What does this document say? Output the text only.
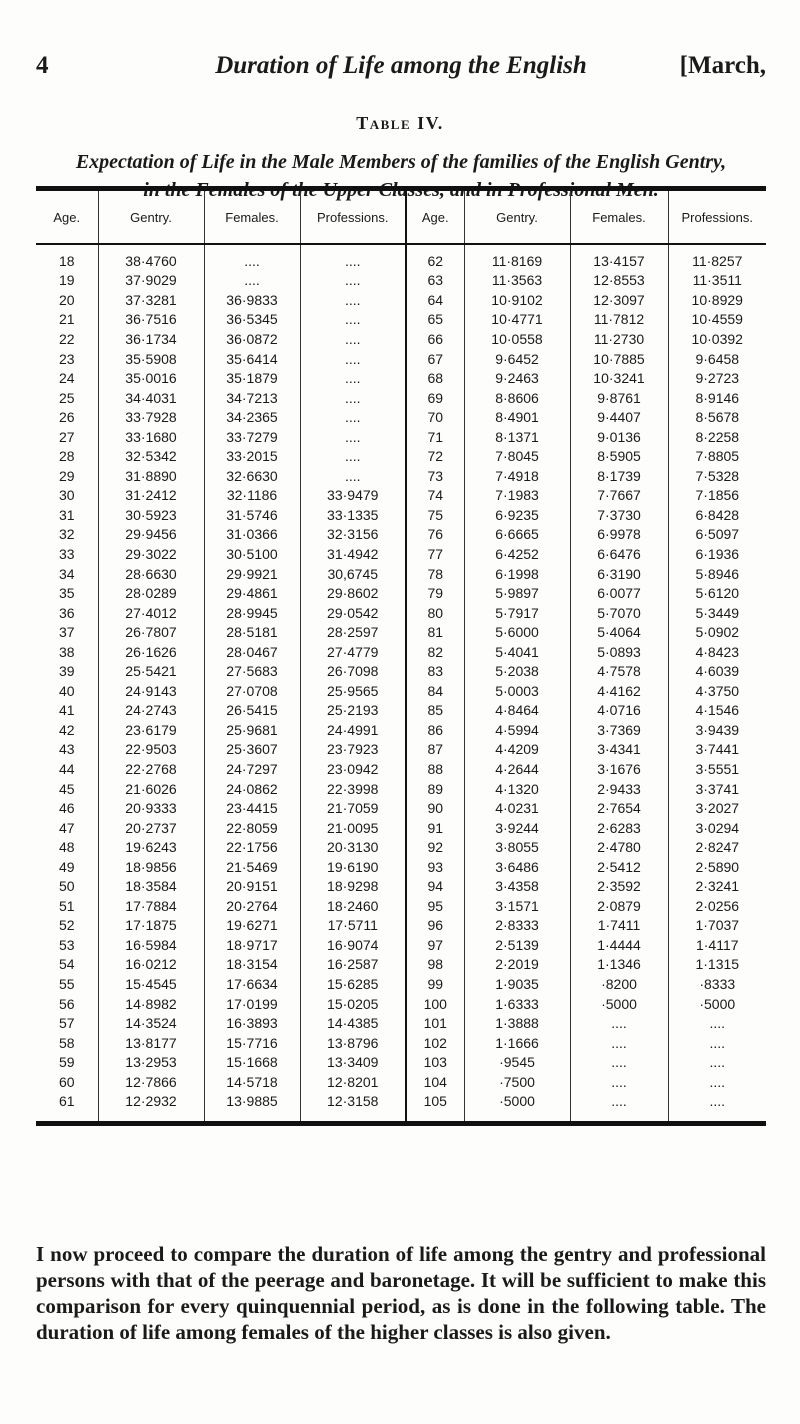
4	Duration of Life among the English	[March,
Table IV.
Expectation of Life in the Male Members of the families of the English Gentry,
in the Females of the Upper Classes, and in Professional Men.
Age.	Gentry.	Females.	Professions.	Age.	Gentry.	Females.	Professions.
18	38·4760	....	....	62	11·8169	13·4157	11·8257
19	37·9029	....	....	63	11·3563	12·8553	11·3511
20	37·3281	36·9833	....	64	10·9102	12·3097	10·8929
21	36·7516	36·5345	....	65	10·4771	11·7812	10·4559
22	36·1734	36·0872	....	66	10·0558	11·2730	10·0392
23	35·5908	35·6414	....	67	9·6452	10·7885	9·6458
24	35·0016	35·1879	....	68	9·2463	10·3241	9·2723
25	34·4031	34·7213	....	69	8·8606	9·8761	8·9146
26	33·7928	34·2365	....	70	8·4901	9·4407	8·5678
27	33·1680	33·7279	....	71	8·1371	9·0136	8·2258
28	32·5342	33·2015	....	72	7·8045	8·5905	7·8805
29	31·8890	32·6630	....	73	7·4918	8·1739	7·5328
30	31·2412	32·1186	33·9479	74	7·1983	7·7667	7·1856
31	30·5923	31·5746	33·1335	75	6·9235	7·3730	6·8428
32	29·9456	31·0366	32·3156	76	6·6665	6·9978	6·5097
33	29·3022	30·5100	31·4942	77	6·4252	6·6476	6·1936
34	28·6630	29·9921	30,6745	78	6·1998	6·3190	5·8946
35	28·0289	29·4861	29·8602	79	5·9897	6·0077	5·6120
36	27·4012	28·9945	29·0542	80	5·7917	5·7070	5·3449
37	26·7807	28·5181	28·2597	81	5·6000	5·4064	5·0902
38	26·1626	28·0467	27·4779	82	5·4041	5·0893	4·8423
39	25·5421	27·5683	26·7098	83	5·2038	4·7578	4·6039
40	24·9143	27·0708	25·9565	84	5·0003	4·4162	4·3750
41	24·2743	26·5415	25·2193	85	4·8464	4·0716	4·1546
42	23·6179	25·9681	24·4991	86	4·5994	3·7369	3·9439
43	22·9503	25·3607	23·7923	87	4·4209	3·4341	3·7441
44	22·2768	24·7297	23·0942	88	4·2644	3·1676	3·5551
45	21·6026	24·0862	22·3998	89	4·1320	2·9433	3·3741
46	20·9333	23·4415	21·7059	90	4·0231	2·7654	3·2027
47	20·2737	22·8059	21·0095	91	3·9244	2·6283	3·0294
48	19·6243	22·1756	20·3130	92	3·8055	2·4780	2·8247
49	18·9856	21·5469	19·6190	93	3·6486	2·5412	2·5890
50	18·3584	20·9151	18·9298	94	3·4358	2·3592	2·3241
51	17·7884	20·2764	18·2460	95	3·1571	2·0879	2·0256
52	17·1875	19·6271	17·5711	96	2·8333	1·7411	1·7037
53	16·5984	18·9717	16·9074	97	2·5139	1·4444	1·4117
54	16·0212	18·3154	16·2587	98	2·2019	1·1346	1·1315
55	15·4545	17·6634	15·6285	99	1·9035	·8200	·8333
56	14·8982	17·0199	15·0205	100	1·6333	·5000	·5000
57	14·3524	16·3893	14·4385	101	1·3888	....	....
58	13·8177	15·7716	13·8796	102	1·1666	....	....
59	13·2953	15·1668	13·3409	103	·9545	....	....
60	12·7866	14·5718	12·8201	104	·7500	....	....
61	12·2932	13·9885	12·3158	105	·5000	....	....
I now proceed to compare the duration of life among the gentry and professional persons with that of the peerage and baronetage. It will be sufficient to make this comparison for every quinquennial period, as is done in the following table. The duration of life among females of the higher classes is also given.
